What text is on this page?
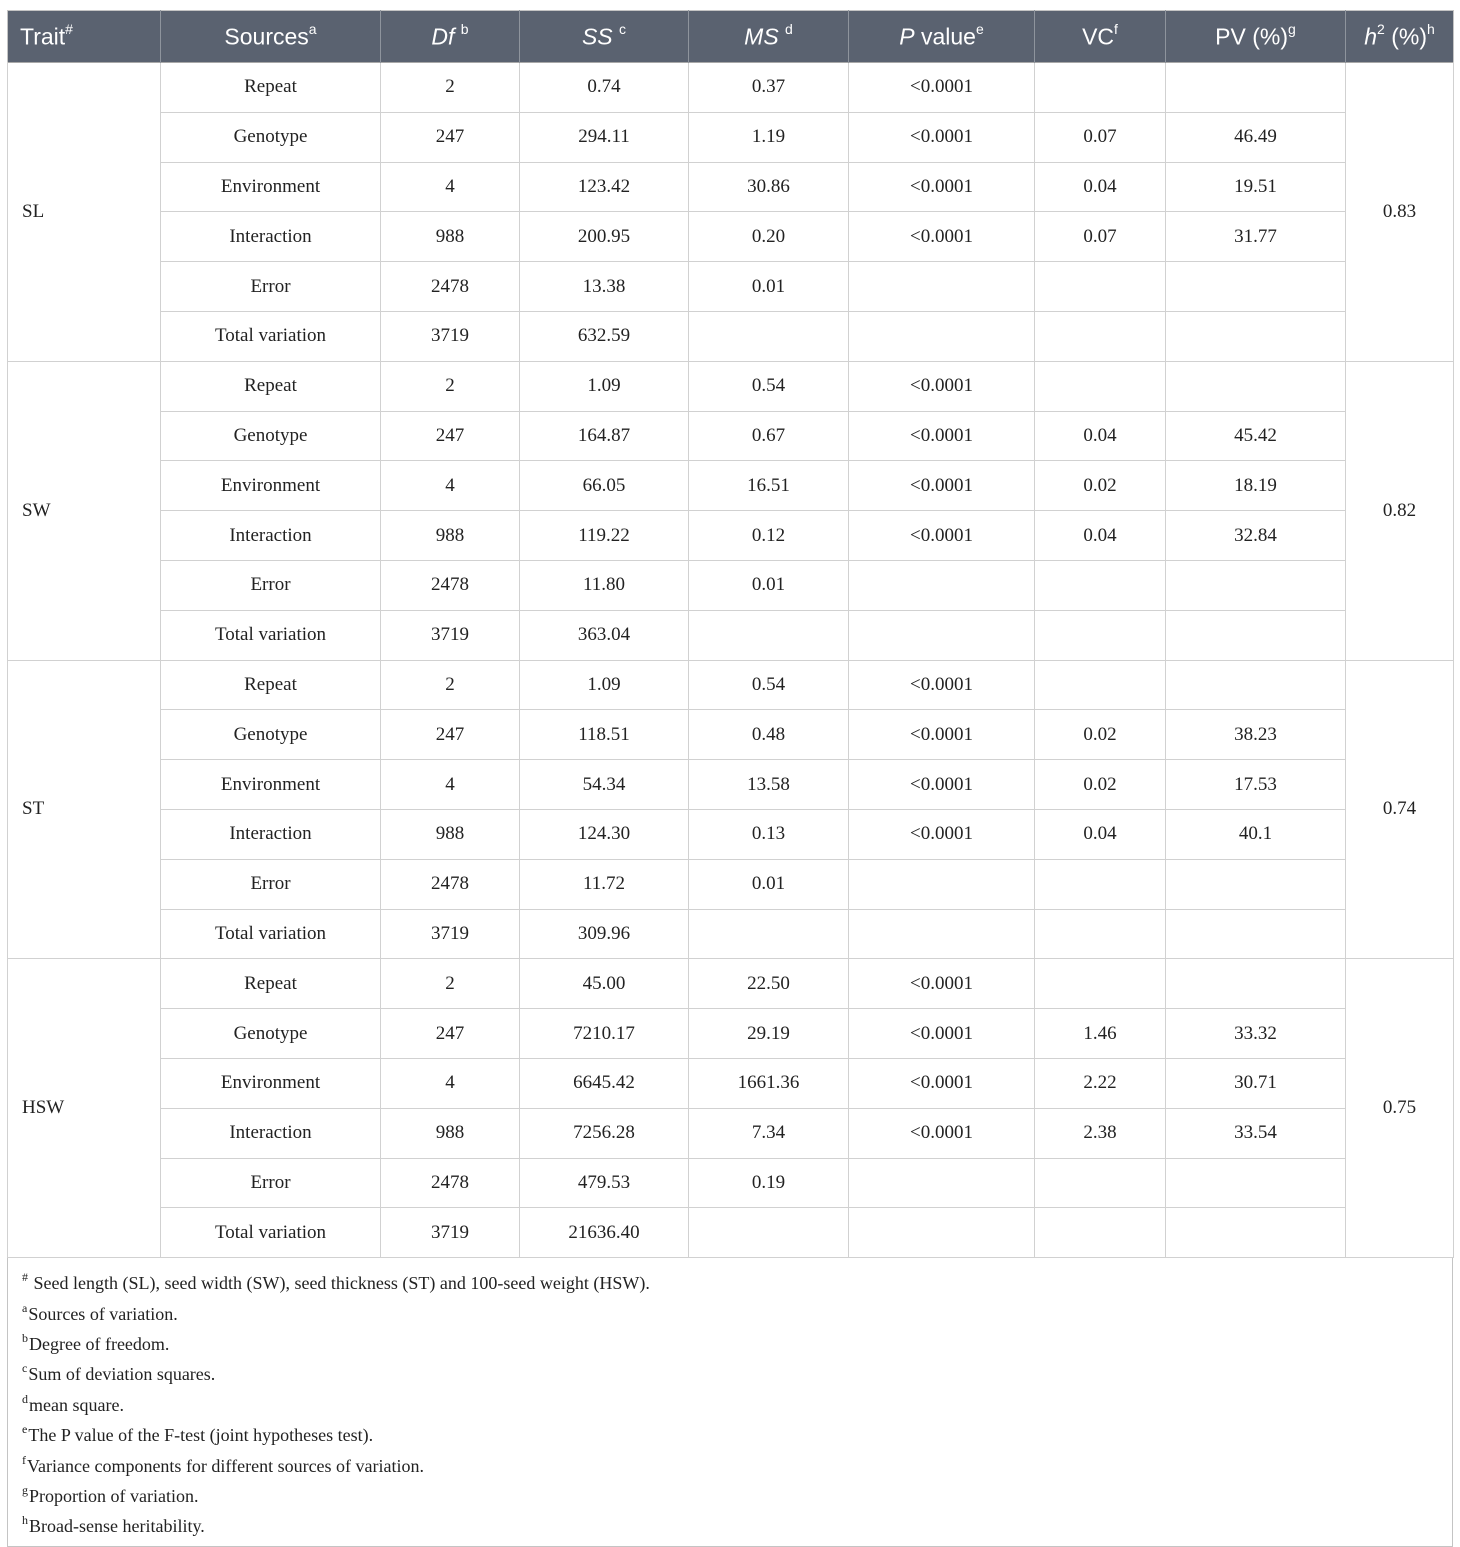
Trait#	Sources$^a$	Df $^b$	SS $^c$	MS $^d$	P value$^e$	$VC^f$	PV (%)$^g$	$h^2$ (%)$^h$
SL	Repeat	2	0.74	0.37	<0.0001			0.83
	Genotype	247	294.11	1.19	<0.0001	0.07	46.49	
	Environment	4	123.42	30.86	<0.0001	0.04	19.51	
	Interaction	988	200.95	0.20	<0.0001	0.07	31.77	
	Error	2478	13.38	0.01				
	Total variation	3719	632.59					
SW	Repeat	2	1.09	0.54	<0.0001			0.82
	Genotype	247	164.87	0.67	<0.0001	0.04	45.42	
	Environment	4	66.05	16.51	<0.0001	0.02	18.19	
	Interaction	988	119.22	0.12	<0.0001	0.04	32.84	
	Error	2478	11.80	0.01				
	Total variation	3719	363.04					
ST	Repeat	2	1.09	0.54	<0.0001			0.74
	Genotype	247	118.51	0.48	<0.0001	0.02	38.23	
	Environment	4	54.34	13.58	<0.0001	0.02	17.53	
	Interaction	988	124.30	0.13	<0.0001	0.04	40.1	
	Error	2478	11.72	0.01				
	Total variation	3719	309.96					
HSW	Repeat	2	45.00	22.50	<0.0001			0.75
	Genotype	247	7210.17	29.19	<0.0001	1.46	33.32	
	Environment	4	6645.42	1661.36	<0.0001	2.22	30.71	
	Interaction	988	7256.28	7.34	<0.0001	2.38	33.54	
	Error	2478	479.53	0.19				
	Total variation	3719	21636.40					
# Seed length (SL), seed width (SW), seed thickness (ST) and 100-seed weight (HSW).
$^a$Sources of variation.
$^b$Degree of freedom.
$^c$Sum of deviation squares.
$^d$mean square.
$^e$The P value of the F-test (joint hypotheses test).
$^f$Variance components for different sources of variation.
$^g$Proportion of variation.
$^h$Broad-sense heritability.
